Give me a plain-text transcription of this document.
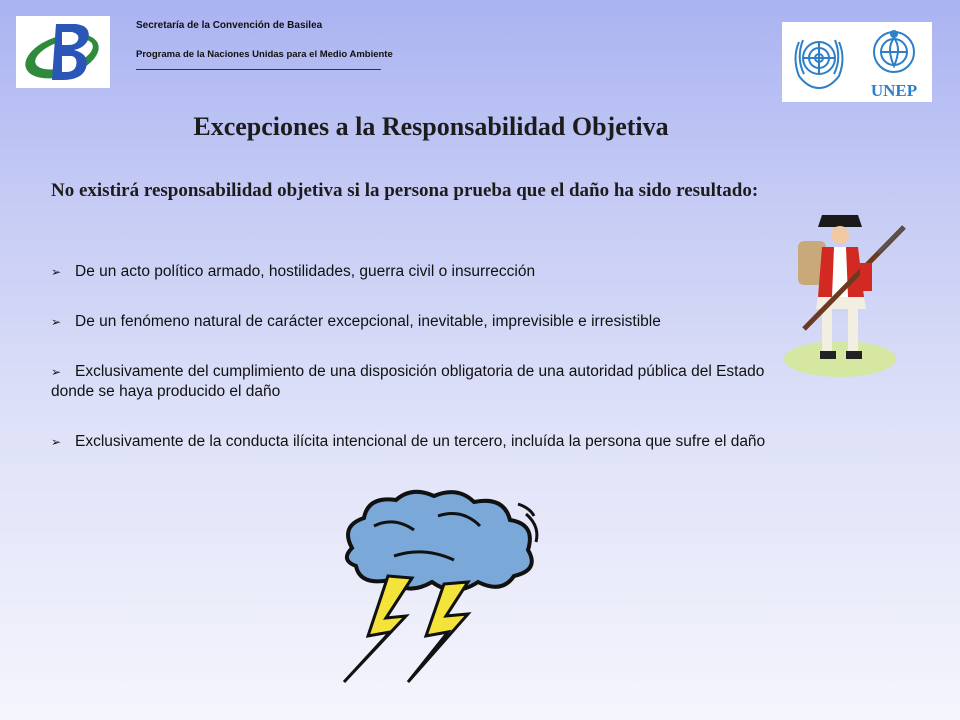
Secretaría de la Convención de Basilea

Programa de la Naciones Unidas para el Medio Ambiente

UNEP
Excepciones a la Responsabilidad Objetiva
No existirá responsabilidad objetiva si la persona prueba que el daño ha sido resultado:
➢ De un acto político armado, hostilidades, guerra civil o insurrección
➢ De un fenómeno natural de carácter excepcional, inevitable, imprevisible e irresistible
➢ Exclusivamente del cumplimiento de una disposición obligatoria de una autoridad pública del Estado donde se haya producido el daño
➢ Exclusivamente de la conducta ilícita intencional de un tercero, incluída la persona que sufre el daño
